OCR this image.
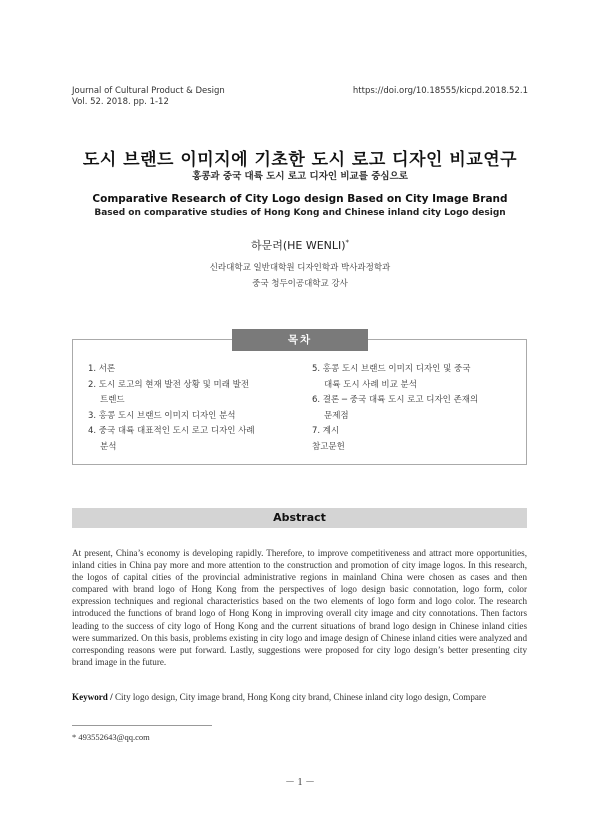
Journal of Cultural Product & Design
Vol. 52. 2018. pp. 1-12
https://doi.org/10.18555/kicpd.2018.52.1
도시 브랜드 이미지에 기초한 도시 로고 디자인 비교연구
홍콩과 중국 대륙 도시 로고 디자인 비교를 중심으로
Comparative Research of City Logo design Based on City Image Brand
Based on comparative studies of Hong Kong and Chinese inland city Logo design
하문려(HE WENLI)*
신라대학교 일반대학원 디자인학과 박사과정학과
중국 청두이공대학교 강사
목차
1. 서론
2. 도시 로고의 현재 발전 상황 및 미래 발전
트렌드
3. 홍콩 도시 브랜드 이미지 디자인 분석
4. 중국 대륙 대표적인 도시 로고 디자인 사례
분석
5. 홍콩 도시 브랜드 이미지 디자인 및 중국
대륙 도시 사례 비교 분석
6. 결론 ─ 중국 대륙 도시 로고 디자인 존재의
문제점
7. 계시
참고문헌
Abstract
At present, China’s economy is developing rapidly. Therefore, to improve competitiveness and attract more opportunities, inland cities in China pay more and more attention to the construction and promotion of city image logos. In this research, the logos of capital cities of the provincial administrative regions in mainland China were chosen as cases and then compared with brand logo of Hong Kong from the perspectives of logo design basic connotation, logo form, color expression techniques and regional characteristics based on the two elements of logo form and logo color. The research introduced the functions of brand logo of Hong Kong in improving overall city image and city connotations. Then factors leading to the success of city logo of Hong Kong and the current situations of brand logo design in Chinese inland cities were summarized. On this basis, problems existing in city logo and image design of Chinese inland cities were analyzed and corresponding reasons were put forward. Lastly, suggestions were proposed for city logo design’s better presenting city brand image in the future.
Keyword / City logo design, City image brand, Hong Kong city brand, Chinese inland city logo design, Compare
* 493552643@qq.com
－ 1 －
